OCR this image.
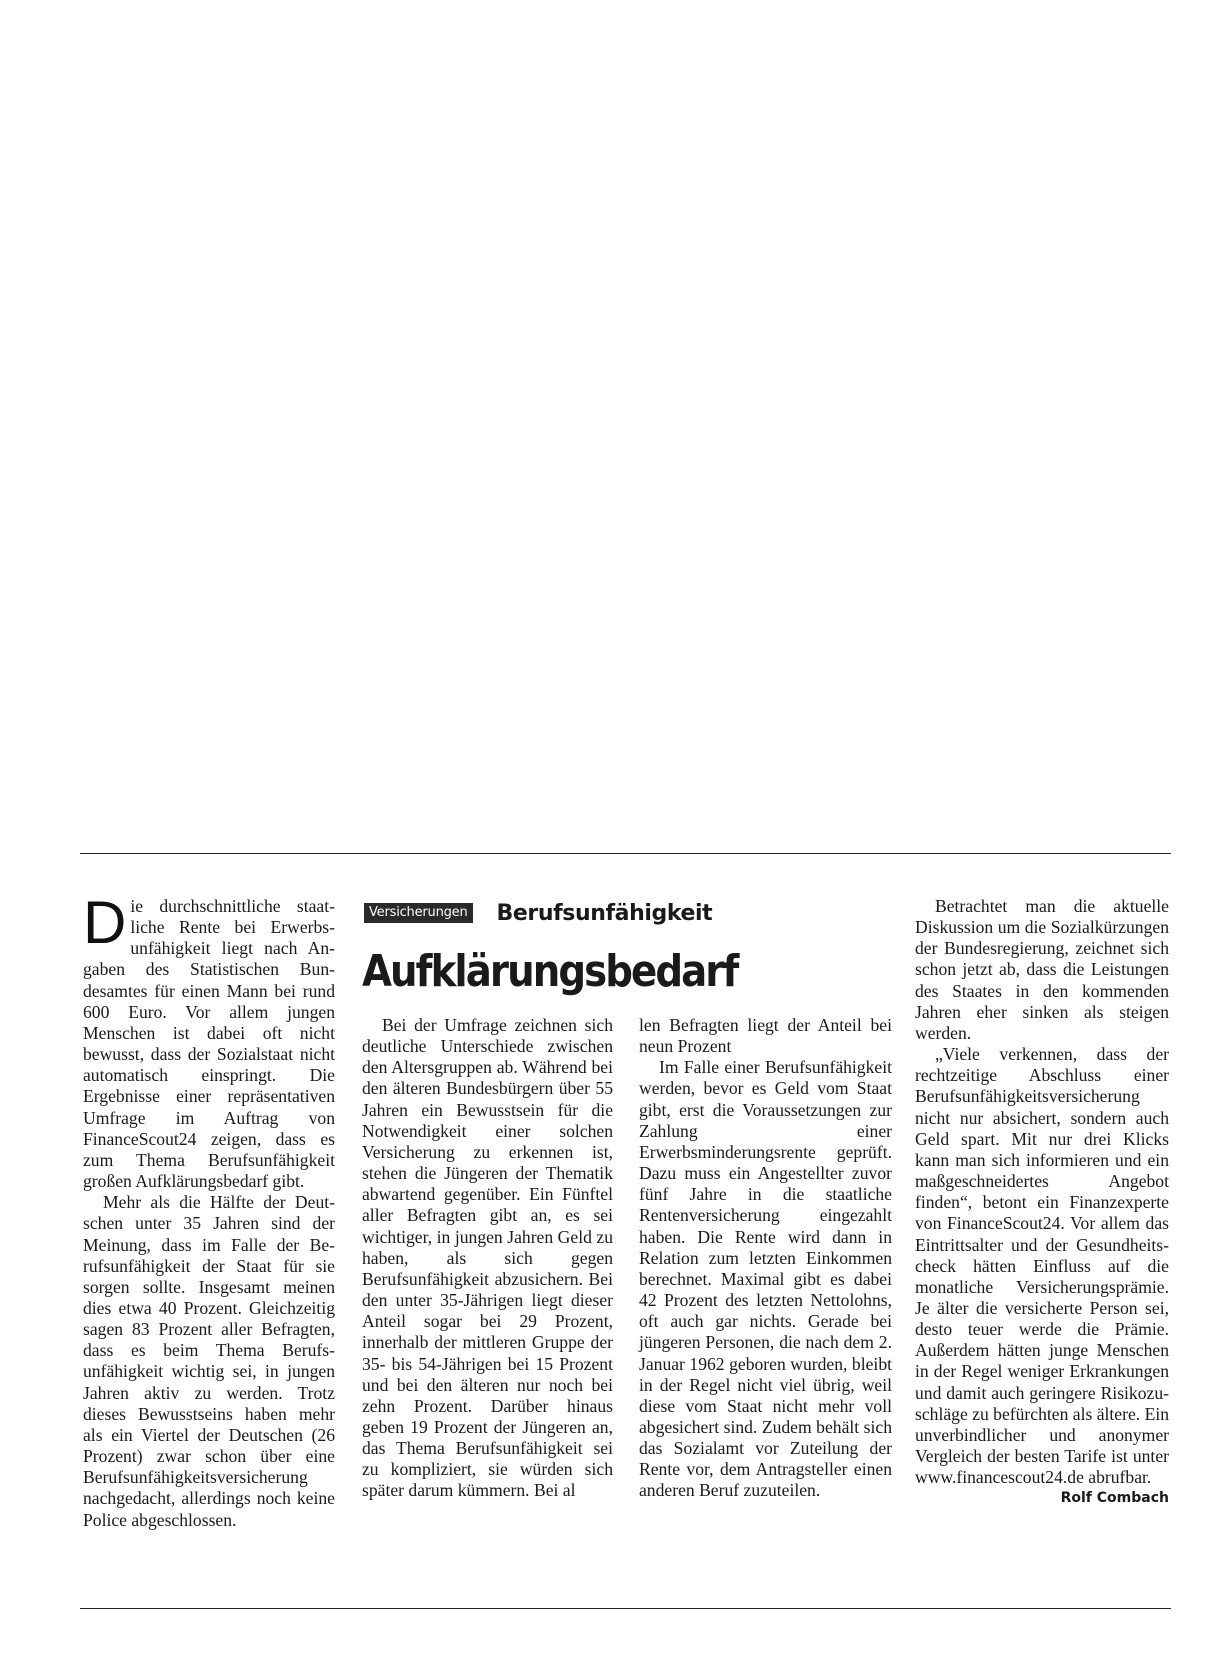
Die durchschnittliche staatliche Rente bei Erwerbsunfähigkeit liegt nach Angaben des Statistischen Bundesamtes für einen Mann bei rund 600 Euro. Vor allem jungen Menschen ist dabei oft nicht bewusst, dass der Sozialstaat nicht automatisch einspringt. Die Ergebnisse einer repräsentativen Umfrage im Auftrag von FinanceScout24 zeigen, dass es zum Thema Berufsunfähigkeit großen Aufklärungsbedarf gibt.

Mehr als die Hälfte der Deutschen unter 35 Jahren sind der Meinung, dass im Falle der Berufsunfähigkeit der Staat für sie sorgen sollte. Insgesamt meinen dies etwa 40 Prozent. Gleichzeitig sagen 83 Prozent aller Befragten, dass es beim Thema Berufsunfähigkeit wichtig sei, in jungen Jahren aktiv zu werden. Trotz dieses Bewusstseins haben mehr als ein Viertel der Deutschen (26 Prozent) zwar schon über eine Berufsunfähigkeitsversicherung nachgedacht, allerdings noch keine Police abgeschlossen.

Versicherungen Berufsunfähigkeit
Aufklärungsbedarf

Bei der Umfrage zeichnen sich deutliche Unterschiede zwischen den Altersgruppen ab. Während bei den älteren Bundesbürgern über 55 Jahren ein Bewusstsein für die Notwendigkeit einer solchen Versicherung zu erkennen ist, stehen die Jüngeren der Thematik abwartend gegenüber. Ein Fünftel aller Befragten gibt an, es sei wichtiger, in jungen Jahren Geld zu haben, als sich gegen Berufsunfähigkeit abzusichern. Bei den unter 35-Jährigen liegt dieser Anteil sogar bei 29 Prozent, innerhalb der mittleren Gruppe der 35- bis 54-Jährigen bei 15 Prozent und bei den älteren nur noch bei zehn Prozent. Darüber hinaus geben 19 Prozent der Jüngeren an, das Thema Berufsunfähigkeit sei zu kompliziert, sie würden sich später darum kümmern. Bei al

len Befragten liegt der Anteil bei neun Prozent

Im Falle einer Berufsunfähigkeit werden, bevor es Geld vom Staat gibt, erst die Voraussetzungen zur Zahlung einer Erwerbsminderungsrente geprüft. Dazu muss ein Angestellter zuvor fünf Jahre in die staatliche Rentenversicherung eingezahlt haben. Die Rente wird dann in Relation zum letzten Einkommen berechnet. Maximal gibt es dabei 42 Prozent des letzten Nettolohns, oft auch gar nichts. Gerade bei jüngeren Personen, die nach dem 2. Januar 1962 geboren wurden, bleibt in der Regel nicht viel übrig, weil diese vom Staat nicht mehr voll abgesichert sind. Zudem behält sich das Sozialamt vor Zuteilung der Rente vor, dem Antragsteller einen anderen Beruf zuzuteilen.

Betrachtet man die aktuelle Diskussion um die Sozialkürzungen der Bundesregierung, zeichnet sich schon jetzt ab, dass die Leistungen des Staates in den kommenden Jahren eher sinken als steigen werden.

„Viele verkennen, dass der rechtzeitige Abschluss einer Berufsunfähigkeitsversicherung nicht nur absichert, sondern auch Geld spart. Mit nur drei Klicks kann man sich informieren und ein maßgeschneidertes Angebot finden“, betont ein Finanzexperte von FinanceScout24. Vor allem das Eintrittsalter und der Gesundheitscheck hätten Einfluss auf die monatliche Versicherungsprämie. Je älter die versicherte Person sei, desto teuer werde die Prämie. Außerdem hätten junge Menschen in der Regel weniger Erkrankungen und damit auch geringere Risikozuschläge zu befürchten als ältere. Ein unverbindlicher und anonymer Vergleich der besten Tarife ist unter www.financescout24.de abrufbar.
Rolf Combach
